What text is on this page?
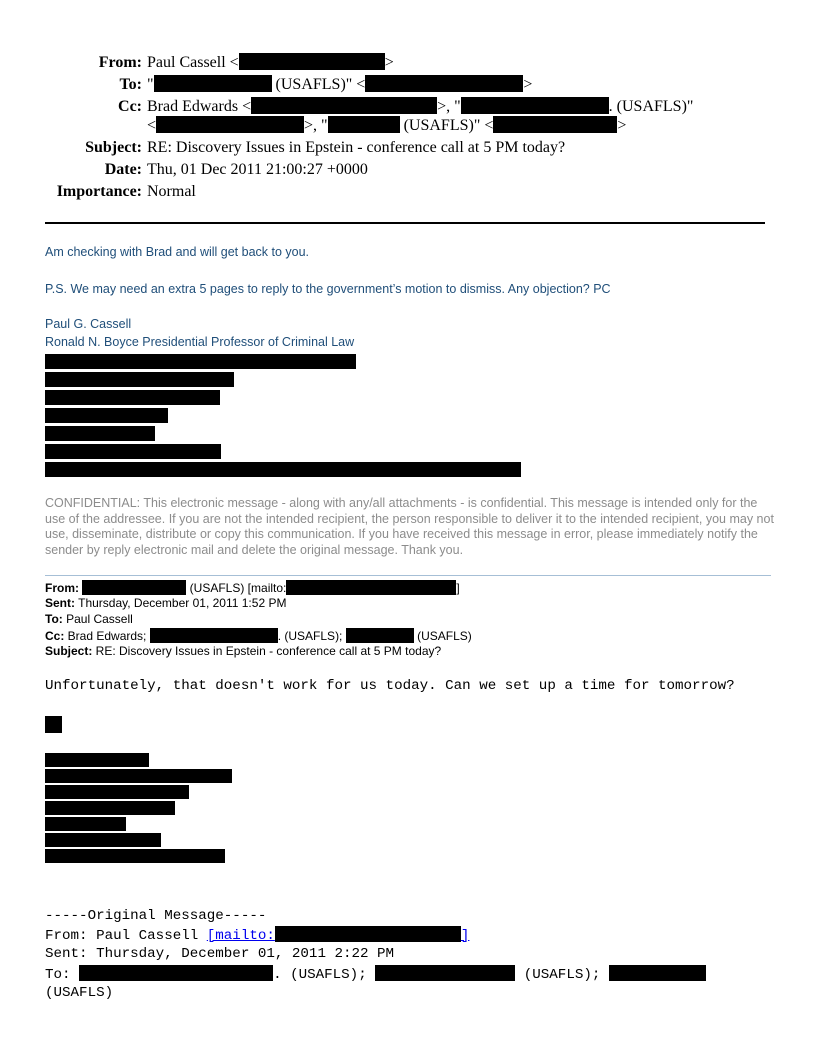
From: Paul Cassell <	>
To: "	(USAFLS)" <	>
Cc: Brad Edwards <	>, "	. (USAFLS)"
<	>, "	(USAFLS)" <	>
Subject: RE: Discovery Issues in Epstein - conference call at 5 PM today?
Date: Thu, 01 Dec 2011 21:00:27 +0000
Importance: Normal
Am checking with Brad and will get back to you.
P.S. We may need an extra 5 pages to reply to the government’s motion to dismiss. Any objection? PC
Paul G. Cassell
Ronald N. Boyce Presidential Professor of Criminal Law
CONFIDENTIAL: This electronic message - along with any/all attachments - is confidential. This message is intended only for the use of the addressee. If you are not the intended recipient, the person responsible to deliver it to the intended recipient, you may not use, disseminate, distribute or copy this communication. If you have received this message in error, please immediately notify the sender by reply electronic mail and delete the original message. Thank you.
From:	(USAFLS) [mailto:	]
Sent: Thursday, December 01, 2011 1:52 PM
To: Paul Cassell
Cc: Brad Edwards;	. (USAFLS);	(USAFLS)
Subject: RE: Discovery Issues in Epstein - conference call at 5 PM today?
Unfortunately, that doesn't work for us today. Can we set up a time for tomorrow?
-----Original Message-----
From: Paul Cassell [mailto:	]
Sent: Thursday, December 01, 2011 2:22 PM
To:	. (USAFLS);	(USAFLS);
(USAFLS)
